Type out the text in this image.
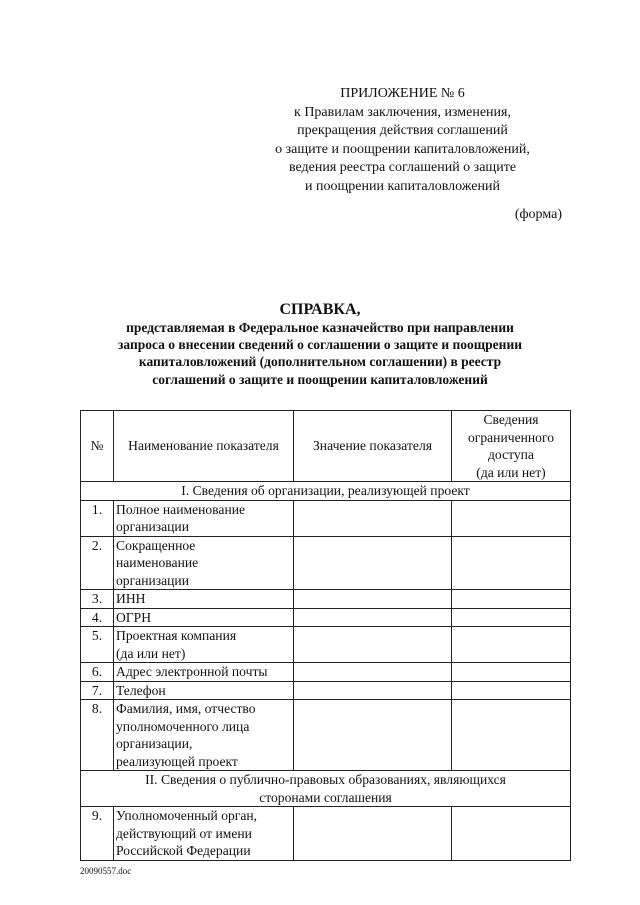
ПРИЛОЖЕНИЕ № 6
к Правилам заключения, изменения,
прекращения действия соглашений
о защите и поощрении капиталовложений,
ведения реестра соглашений о защите
и поощрении капиталовложений
(форма)
СПРАВКА,
представляемая в Федеральное казначейство при направлении
запроса о внесении сведений о соглашении о защите и поощрении
капиталовложений (дополнительном соглашении) в реестр
соглашений о защите и поощрении капиталовложений
№	Наименование показателя	Значение показателя	Сведения
ограниченного
доступа
(да или нет)

I. Сведения об организации, реализующей проект			
1.	Полное наименование
организации		

2.	Сокращенное
наименование
организации		

3.	ИНН		

4.	ОГРН		

5.	Проектная компания
(да или нет)		

6.	Адрес электронной почты		

7.	Телефон		

8.	Фамилия, имя, отчество
уполномоченного лица
организации,
реализующей проект		

II. Сведения о публично-правовых образованиях, являющихся
сторонами соглашения			

9.	Уполномоченный орган,
действующий от имени
Российской Федерации		

20090557.doc
